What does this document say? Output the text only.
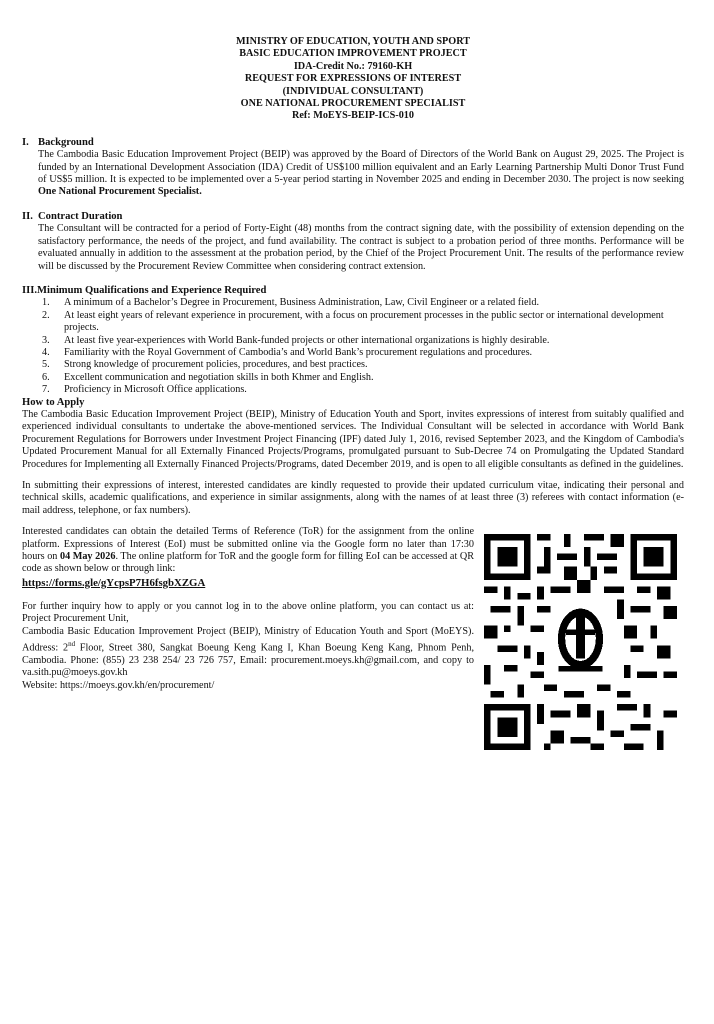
MINISTRY OF EDUCATION, YOUTH AND SPORT
BASIC EDUCATION IMPROVEMENT PROJECT
IDA-Credit No.: 79160-KH
REQUEST FOR EXPRESSIONS OF INTEREST
(INDIVIDUAL CONSULTANT)
ONE NATIONAL PROCUREMENT SPECIALIST
Ref: MoEYS-BEIP-ICS-010
I. Background
The Cambodia Basic Education Improvement Project (BEIP) was approved by the Board of Directors of the World Bank on August 29, 2025. The Project is funded by an International Development Association (IDA) Credit of US$100 million equivalent and an Early Learning Partnership Multi Donor Trust Fund of US$5 million. It is expected to be implemented over a 5-year period starting in November 2025 and ending in December 2030. The project is now seeking One National Procurement Specialist.
II. Contract Duration
The Consultant will be contracted for a period of Forty-Eight (48) months from the contract signing date, with the possibility of extension depending on the satisfactory performance, the needs of the project, and fund availability. The contract is subject to a probation period of three months. Performance will be evaluated annually in addition to the assessment at the probation period, by the Chief of the Project Procurement Unit. The results of the performance review will be discussed by the Procurement Review Committee when considering contract extension.
III.Minimum Qualifications and Experience Required
1.	A minimum of a Bachelor’s Degree in Procurement, Business Administration, Law, Civil Engineer or a related field.
2.	At least eight years of relevant experience in procurement, with a focus on procurement processes in the public sector or international development projects.
3.	At least five year-experiences with World Bank-funded projects or other international organizations is highly desirable.
4.	Familiarity with the Royal Government of Cambodia’s and World Bank’s procurement regulations and procedures.
5.	Strong knowledge of procurement policies, procedures, and best practices.
6.	Excellent communication and negotiation skills in both Khmer and English.
7.	Proficiency in Microsoft Office applications.
How to Apply
The Cambodia Basic Education Improvement Project (BEIP), Ministry of Education Youth and Sport, invites expressions of interest from suitably qualified and experienced individual consultants to undertake the above-mentioned services. The Individual Consultant will be selected in accordance with World Bank Procurement Regulations for Borrowers under Investment Project Financing (IPF) dated July 1, 2016, revised September 2023, and the Kingdom of Cambodia's Updated Procurement Manual for all Externally Financed Projects/Programs, promulgated pursuant to Sub-Decree 74 on Promulgating the Updated Standard Procedures for Implementing all Externally Financed Projects/Programs, dated December 2019, and is open to all eligible consultants as defined in the guidelines.
In submitting their expressions of interest, interested candidates are kindly requested to provide their updated curriculum vitae, indicating their personal and technical skills, academic qualifications, and experience in similar assignments, along with the names of at least three (3) referees with contact information (e-mail address, telephone, or fax numbers).
Interested candidates can obtain the detailed Terms of Reference (ToR) for the assignment from the online platform. Expressions of Interest (EoI) must be submitted online via the Google form no later than 17:30 hours on 04 May 2026. The online platform for ToR and the google form for filling EoI can be accessed at QR code as shown below or through link:
https://forms.gle/gYcpsP7H6fsgbXZGA
For further inquiry how to apply or you cannot log in to the above online platform, you can contact us at: Project Procurement Unit,
Cambodia Basic Education Improvement Project (BEIP), Ministry of Education Youth and Sport (MoEYS). Address: 2nd Floor, Street 380, Sangkat Boeung Keng Kang I, Khan Boeung Keng Kang, Phnom Penh, Cambodia. Phone: (855) 23 238 254/ 23 726 757, Email: procurement.moeys.kh@gmail.com, and copy to va.sith.pu@moeys.gov.kh
Website: https://moeys.gov.kh/en/procurement/
